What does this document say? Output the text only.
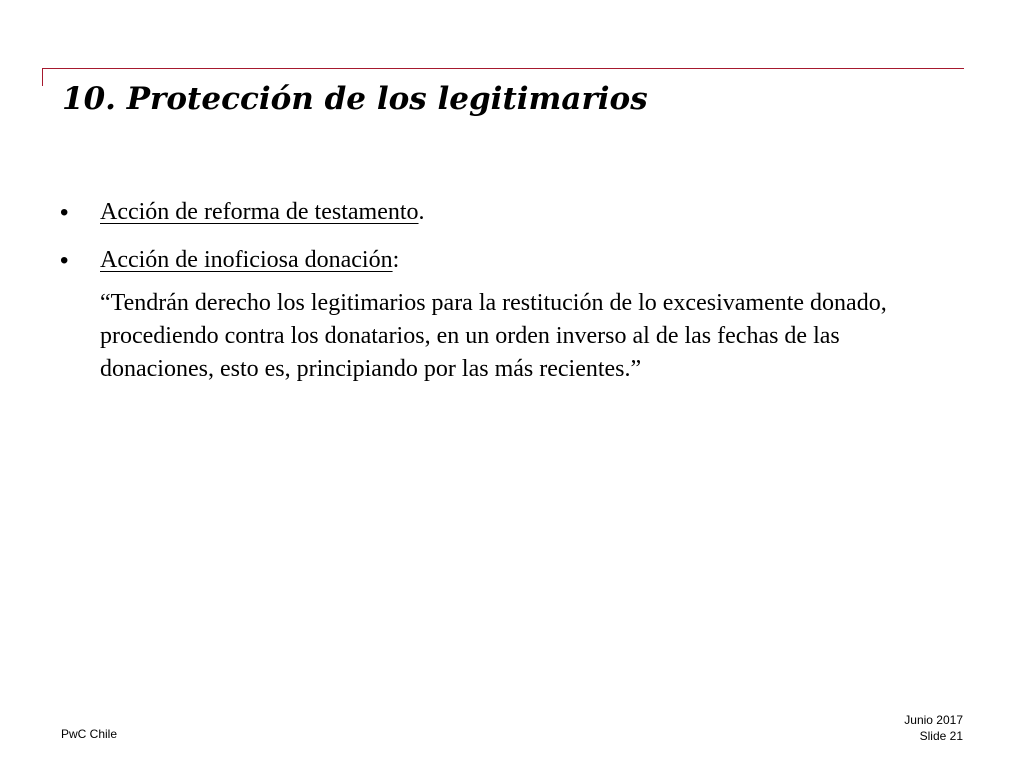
10. Protección de los legitimarios
• Acción de reforma de testamento.
• Acción de inoficiosa donación:
“Tendrán derecho los legitimarios para la restitución de lo excesivamente donado, procediendo contra los donatarios, en un orden inverso al de las fechas de las donaciones, esto es, principiando por las más recientes.”
PwC Chile
Junio 2017
Slide 21
